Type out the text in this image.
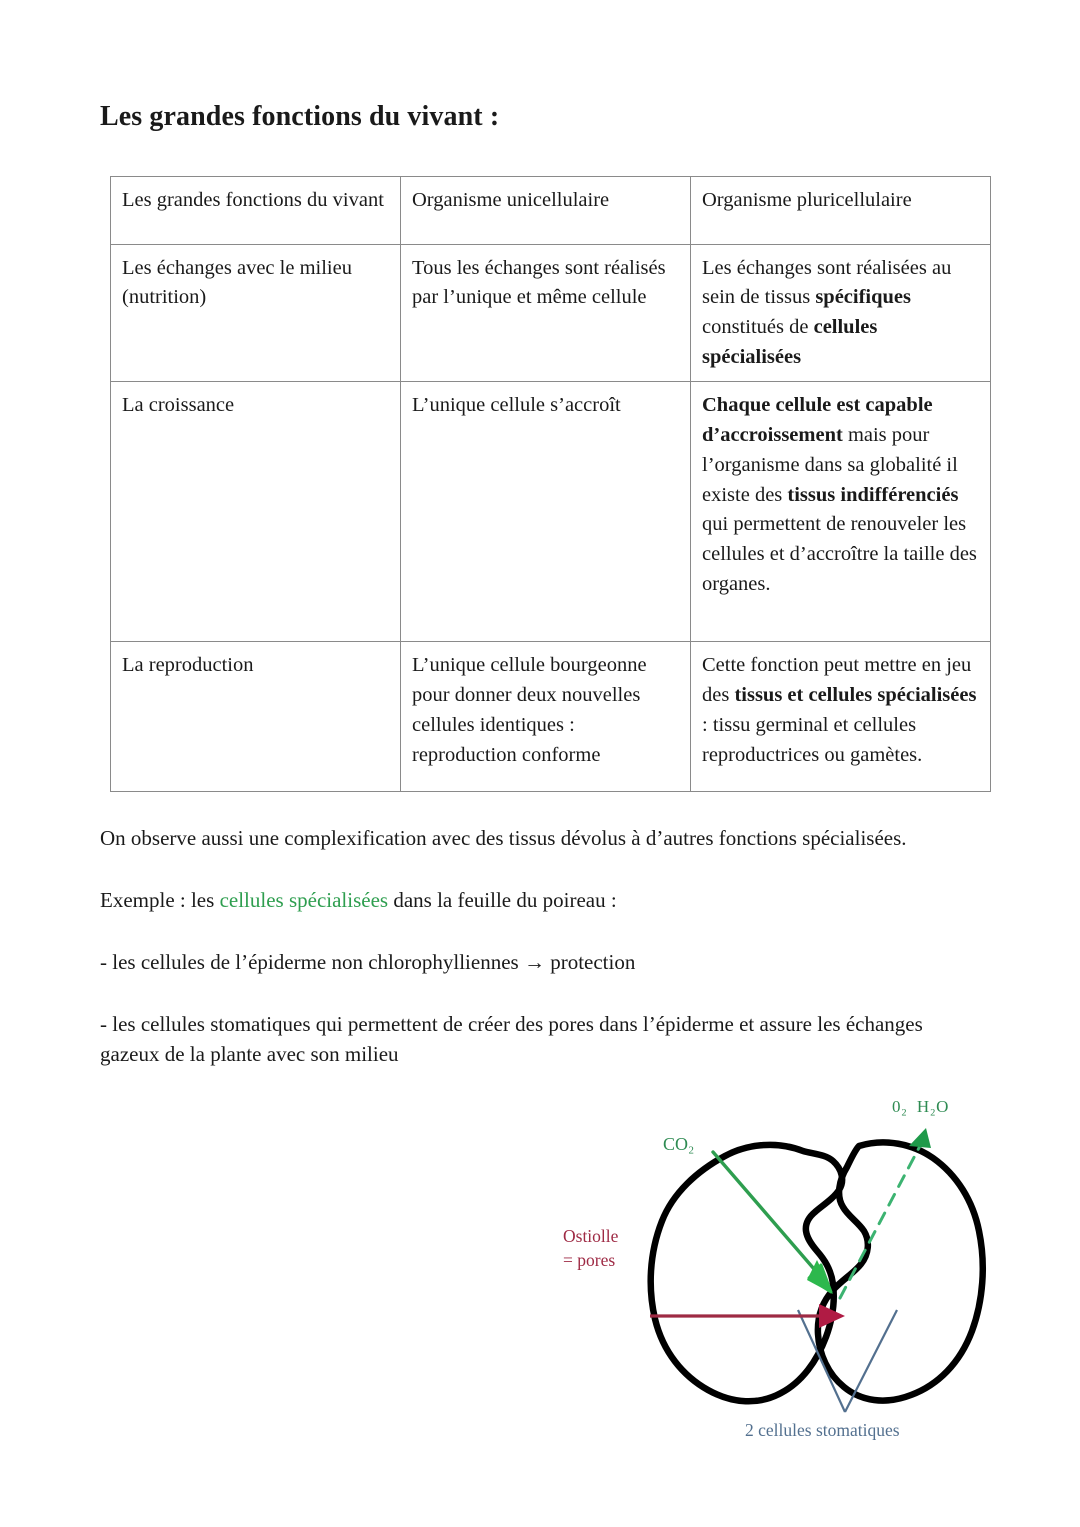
Les grandes fonctions du vivant :
Les grandes fonctions du vivant	Organisme unicellulaire	Organisme pluricellulaire
Les échanges avec le milieu (nutrition)	Tous les échanges sont réalisés par l’unique et même cellule	Les échanges sont réalisées au sein de tissus spécifiques constitués de cellules spécialisées
La croissance	L’unique cellule s’accroît	Chaque cellule est capable d’accroissement mais pour l’organisme dans sa globalité il existe des tissus indifférenciés qui permettent de renouveler les cellules et d’accroître la taille des organes.
La reproduction	L’unique cellule bourgeonne pour donner deux nouvelles cellules identiques : reproduction conforme	Cette fonction peut mettre en jeu des tissus et cellules spécialisées : tissu germinal et cellules reproductrices ou gamètes.

On observe aussi une complexification avec des tissus dévolus à d’autres fonctions spécialisées.

Exemple : les cellules spécialisées dans la feuille du poireau :

- les cellules de l’épiderme non chlorophylliennes → protection

- les cellules stomatiques qui permettent de créer des pores dans l’épiderme et assure les échanges gazeux de la plante avec son milieu

0₂  H₂O
CO₂
Ostiolle
= pores
2 cellules stomatiques
